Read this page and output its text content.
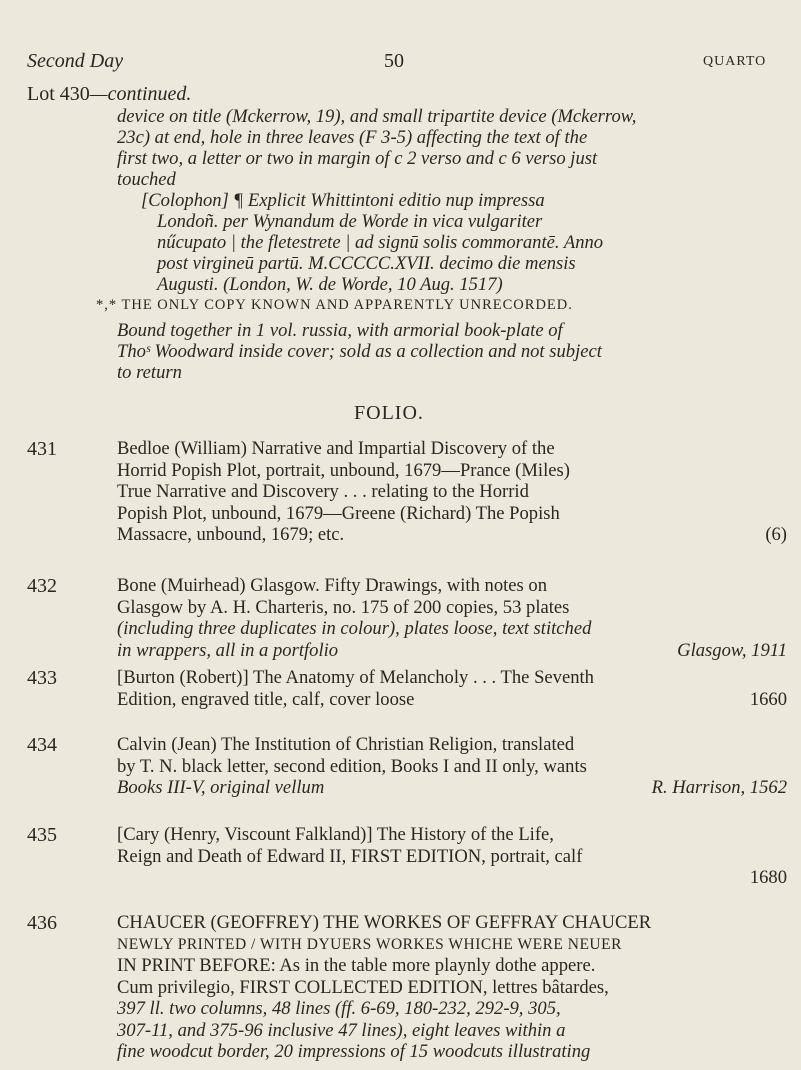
Second Day	50	QUARTO
Lot 430—continued.

device on title (Mckerrow, 19), and small tripartite device (Mckerrow,

23c) at end, hole in three leaves (F 3-5) affecting the text of the

first two, a letter or two in margin of c 2 verso and c 6 verso just

touched

[Colophon] ¶ Explicit Whittintoni editio nup impressa

Londoñ. per Wynandum de Worde in vica vulgariter

nűcupato | the fletestrete | ad signū solis commorantē. Anno

post virgineū partū. M.CCCCC.XVII. decimo die mensis

Augusti. (London, W. de Worde, 10 Aug. 1517)

*,* THE ONLY COPY KNOWN AND APPARENTLY UNRECORDED.

Bound together in 1 vol. russia, with armorial book-plate of

Thoˢ Woodward inside cover; sold as a collection and not subject

to return

FOLIO.
431	Bedloe (William) Narrative and Impartial Discovery of the
Horrid Popish Plot, portrait, unbound, 1679—Prance (Miles)
True Narrative and Discovery . . . relating to the Horrid
Popish Plot, unbound, 1679—Greene (Richard) The Popish
Massacre, unbound, 1679; etc.	(6)
432	Bone (Muirhead) Glasgow. Fifty Drawings, with notes on
Glasgow by A. H. Charteris, no. 175 of 200 copies, 53 plates
(including three duplicates in colour), plates loose, text stitched
in wrappers, all in a portfolio	Glasgow, 1911
433	[Burton (Robert)] The Anatomy of Melancholy . . . The Seventh
Edition, engraved title, calf, cover loose	1660
434	Calvin (Jean) The Institution of Christian Religion, translated
by T. N. black letter, second edition, Books I and II only, wants
Books III-V, original vellum	R. Harrison, 1562
435	[Cary (Henry, Viscount Falkland)] The History of the Life,
Reign and Death of Edward II, FIRST EDITION, portrait, calf
1680
436	CHAUCER (GEOFFREY) THE WORKES OF GEFFRAY CHAUCER
NEWLY PRINTED / WITH DYUERS WORKES WHICHE WERE NEUER
IN PRINT BEFORE: As in the table more playnly dothe appere.
Cum privilegio, FIRST COLLECTED EDITION, lettres bâtardes,
397 ll. two columns, 48 lines (ff. 6-69, 180-232, 292-9, 305,
307-11, and 375-96 inclusive 47 lines), eight leaves within a
fine woodcut border, 20 impressions of 15 woodcuts illustrating
